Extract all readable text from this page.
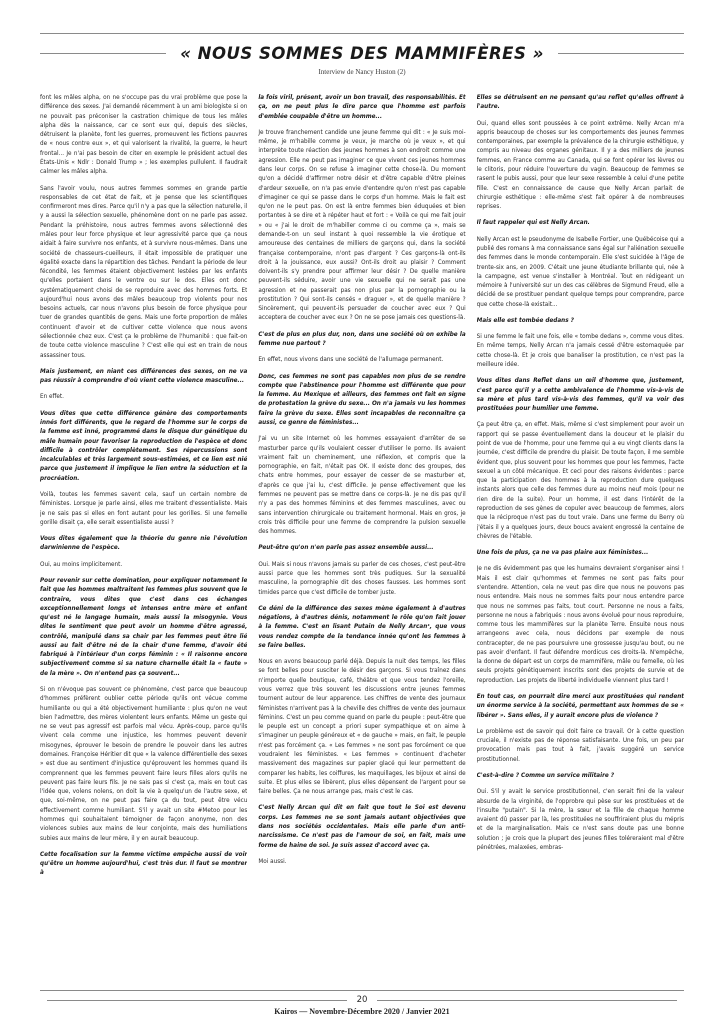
« NOUS SOMMES DES MAMMIFÈRES »
Interview de Nancy Huston (2)

font les mâles alpha, on ne s'occupe pas du vrai problème que pose la différence des sexes. J'ai demandé récemment à un ami biologiste si on ne pouvait pas préconiser la castration chimique de tous les mâles alpha dès la naissance, car ce sont eux qui, depuis des siècles, détruisent la planète, font les guerres, promeuvent les fictions pauvres de « nous contre eux », et qui valorisent la rivalité, la guerre, le heurt frontal... Je n'ai pas besoin de citer en exemple le président actuel des États-Unis « Ndlr : Donald Trump » ; les exemples pullulent. Il faudrait calmer les mâles alpha.

Sans l'avoir voulu, nous autres femmes sommes en grande partie responsables de cet état de fait, et je pense que les scientifiques confirmeront mes dires. Parce qu'il n'y a pas que la sélection naturelle, il y a aussi la sélection sexuelle, phénomène dont on ne parle pas assez. Pendant la préhistoire, nous autres femmes avons sélectionné des mâles pour leur force physique et leur agressivité parce que ça nous aidait à faire survivre nos enfants, et à survivre nous-mêmes. Dans une société de chasseurs-cueilleurs, il était impossible de pratiquer une égalité exacte dans la répartition des tâches. Pendant la période de leur fécondité, les femmes étaient objectivement lestées par les enfants qu'elles portaient dans le ventre ou sur le dos. Elles ont donc systématiquement choisi de se reproduire avec des hommes forts. Et aujourd'hui nous avons des mâles beaucoup trop violents pour nos besoins actuels, car nous n'avons plus besoin de force physique pour tuer de grandes quantités de gens. Mais une forte proportion de mâles continuent d'avoir et de cultiver cette violence que nous avons sélectionnée chez eux. C'est ça le problème de l'humanité : que fait-on de toute cette violence masculine ? C'est elle qui est en train de nous assassiner tous.

Mais justement, en niant ces différences des sexes, on ne va pas réussir à comprendre d'où vient cette violence masculine...

En effet.

Vous dites que cette différence génère des comportements innés fort différents, que le regard de l'homme sur le corps de la femme est inné, programmé dans le disque dur génétique du mâle humain pour favoriser la reproduction de l'espèce et donc difficile à contrôler complètement. Ses répercussions sont incalculables et très largement sous-estimées, et ce lien est nié parce que justement il implique le lien entre la séduction et la procréation.

Voilà, toutes les femmes savent cela, sauf un certain nombre de féministes. Lorsque je parle ainsi, elles me traitent d'essentialiste. Mais je ne sais pas si elles en font autant pour les gorilles. Si une femelle gorille disait ça, elle serait essentialiste aussi ?

Vous dites également que la théorie du genre nie l'évolution darwinienne de l'espèce.

Oui, au moins implicitement.

Pour revenir sur cette domination, pour expliquer notamment le fait que les hommes maltraitent les femmes plus souvent que le contraire, vous dites que c'est dans ces échanges exceptionnellement longs et intenses entre mère et enfant qu'est né le langage humain, mais aussi la misogynie. Vous dites le sentiment que peut avoir un homme d'être agressé, contrôlé, manipulé dans sa chair par les femmes peut être lié aussi au fait d'être né de la chair d'une femme, d'avoir été fabriqué à l'intérieur d'un corps féminin : « Il raisonne encore subjectivement comme si sa nature charnelle était la « faute » de la mère ». On n'entend pas ça souvent...

Si on n'évoque pas souvent ce phénomène, c'est parce que beaucoup d'hommes préfèrent oublier cette période qu'ils ont vécue comme humiliante ou qui a été objectivement humiliante : plus qu'on ne veut bien l'admettre, des mères violentent leurs enfants. Même un geste qui ne se veut pas agressif est parfois mal vécu. Après-coup, parce qu'ils vivent cela comme une injustice, les hommes peuvent devenir misogynes, éprouver le besoin de prendre le pouvoir dans les autres domaines. Françoise Héritier dit que « la valence différentielle des sexes » est due au sentiment d'injustice qu'éprouvent les hommes quand ils comprennent que les femmes peuvent faire leurs filles alors qu'ils ne peuvent pas faire leurs fils. Je ne sais pas si c'est ça, mais en tout cas l'idée que, volens nolens, on doit la vie à quelqu'un de l'autre sexe, et que, soi-même, on ne peut pas faire ça du tout, peut être vécu effectivement comme humiliant. S'il y avait un site #Metoo pour les hommes qui souhaitaient témoigner de façon anonyme, non des violences subies aux mains de leur conjointe, mais des humiliations subies aux mains de leur mère, il y en aurait beaucoup.

Cette focalisation sur la femme victime empêche aussi de voir qu'être un homme aujourd'hui, c'est très dur. Il faut se montrer à

la fois viril, présent, avoir un bon travail, des responsabilités. Et ça, on ne peut plus le dire parce que l'homme est parfois d'emblée coupable d'être un homme...

Je trouve franchement candide une jeune femme qui dit : « Je suis moi-même, je m'habille comme je veux, je marche où je veux », et qui interprète toute réaction des jeunes hommes à son endroit comme une agression. Elle ne peut pas imaginer ce que vivent ces jeunes hommes dans leur corps. On se refuse à imaginer cette chose-là. Du moment qu'on a décidé d'affirmer notre désir et d'être capable d'être pleines d'ardeur sexuelle, on n'a pas envie d'entendre qu'on n'est pas capable d'imaginer ce qui se passe dans le corps d'un homme. Mais le fait est qu'on ne le peut pas. On est là entre femmes bien éduquées et bien portantes à se dire et à répéter haut et fort : « Voilà ce qui me fait jouir » ou « j'ai le droit de m'habiller comme ci ou comme ça », mais se demande-t-on un seul instant à quoi ressemble la vie érotique et amoureuse des centaines de milliers de garçons qui, dans la société française contemporaine, n'ont pas d'argent ? Ces garçons-là ont-ils droit à la jouissance, eux aussi? Ont-ils droit au plaisir ? Comment doivent-ils s'y prendre pour affirmer leur désir ? De quelle manière peuvent-ils séduire, avoir une vie sexuelle qui ne serait pas une agression et ne passerait pas non plus par la pornographie ou la prostitution ? Qui sont-ils censés « draguer », et de quelle manière ? Sincèrement, qui peuvent-ils persuader de coucher avec eux ? Qui acceptera de coucher avec eux ? On ne se pose jamais ces questions-là.

C'est de plus en plus dur, non, dans une société où on exhibe la femme nue partout ?

En effet, nous vivons dans une société de l'allumage permanent.

Donc, ces femmes ne sont pas capables non plus de se rendre compte que l'abstinence pour l'homme est différente que pour la femme. Au Mexique et ailleurs, des femmes ont fait en signe de protestation la grève du sexe... On n'a jamais vu les hommes faire la grève du sexe. Elles sont incapables de reconnaître ça aussi, ce genre de féministes...

J'ai vu un site Internet où les hommes essayaient d'arrêter de se masturber parce qu'ils voulaient cesser d'utiliser le porno. Ils avaient vraiment fait un cheminement, une réflexion, et compris que la pornographie, en fait, n'était pas OK. Il existe donc des groupes, des chats entre hommes, pour essayer de cesser de se masturber et, d'après ce que j'ai lu, c'est difficile. Je pense effectivement que les femmes ne peuvent pas se mettre dans ce corps-là. Je ne dis pas qu'il n'y a pas des hommes féminins et des femmes masculines, avec ou sans intervention chirurgicale ou traitement hormonal. Mais en gros, je crois très difficile pour une femme de comprendre la pulsion sexuelle des hommes.

Peut-être qu'on n'en parle pas assez ensemble aussi...

Oui. Mais si nous n'avons jamais su parler de ces choses, c'est peut-être aussi parce que les hommes sont très pudiques. Sur la sexualité masculine, la pornographie dit des choses fausses. Les hommes sont timides parce que c'est difficile de tomber juste.

Ce déni de la différence des sexes mène également à d'autres négations, à d'autres dénis, notamment le rôle qu'on fait jouer à la femme. C'est en lisant Putain de Nelly Arcan¹, que vous vous rendez compte de la tendance innée qu'ont les femmes à se faire belles.

Nous en avons beaucoup parlé déjà. Depuis la nuit des temps, les filles se font belles pour susciter le désir des garçons. Si vous traînez dans n'importe quelle boutique, café, théâtre et que vous tendez l'oreille, vous verrez que très souvent les discussions entre jeunes femmes tournent autour de leur apparence. Les chiffres de vente des journaux féministes n'arrivent pas à la cheville des chiffres de vente des journaux féminins. C'est un peu comme quand on parle du peuple : peut-être que le peuple est un concept a priori super sympathique et on aime à s'imaginer un peuple généreux et « de gauche » mais, en fait, le peuple n'est pas forcément ça. « Les femmes » ne sont pas forcément ce que voudraient les féministes. « Les femmes » continuent d'acheter massivement des magazines sur papier glacé qui leur permettent de comparer les habits, les coiffures, les maquillages, les bijoux et ainsi de suite. Et plus elles se libèrent, plus elles dépensent de l'argent pour se faire belles. Ça ne nous arrange pas, mais c'est le cas.

C'est Nelly Arcan qui dit en fait que tout le Soi est devenu corps. Les femmes ne se sont jamais autant objectivées que dans nos sociétés occidentales. Mais elle parle d'un anti-narcissisme. Ce n'est pas de l'amour de soi, en fait, mais une forme de haine de soi. Je suis assez d'accord avec ça.

Moi aussi.

Elles se détruisent en ne pensant qu'au reflet qu'elles offrent à l'autre.

Oui, quand elles sont poussées à ce point extrême. Nelly Arcan m'a appris beaucoup de choses sur les comportements des jeunes femmes contemporaines, par exemple la prévalence de la chirurgie esthétique, y compris au niveau des organes génitaux. Il y a des milliers de jeunes femmes, en France comme au Canada, qui se font opérer les lèvres ou le clitoris, pour réduire l'ouverture du vagin. Beaucoup de femmes se rasent le pubis aussi, pour que leur sexe ressemble à celui d'une petite fille. C'est en connaissance de cause que Nelly Arcan parlait de chirurgie esthétique : elle-même s'est fait opérer à de nombreuses reprises.

Il faut rappeler qui est Nelly Arcan.

Nelly Arcan est le pseudonyme de Isabelle Fortier, une Québécoise qui a publié des romans à ma connaissance sans égal sur l'aliénation sexuelle des femmes dans le monde contemporain. Elle s'est suicidée à l'âge de trente-six ans, en 2009. C'était une jeune étudiante brillante qui, née à la campagne, est venue s'installer à Montréal. Tout en rédigeant un mémoire à l'université sur un des cas célèbres de Sigmund Freud, elle a décidé de se prostituer pendant quelque temps pour comprendre, parce que cette chose-là existait...

Mais elle est tombée dedans ?

Si une femme le fait une fois, elle « tombe dedans », comme vous dites. En même temps, Nelly Arcan n'a jamais cessé d'être estomaquée par cette chose-là. Et je crois que banaliser la prostitution, ce n'est pas la meilleure idée.

Vous dites dans Reflet dans un œil d'homme que, justement, c'est parce qu'il y a cette ambivalence de l'homme vis-à-vis de sa mère et plus tard vis-à-vis des femmes, qu'il va voir des prostituées pour humilier une femme.

Ça peut être ça, en effet. Mais, même si c'est simplement pour avoir un rapport qui se passe éventuellement dans la douceur et le plaisir du point de vue de l'homme, pour une femme qui a eu vingt clients dans la journée, c'est difficile de prendre du plaisir. De toute façon, il me semble évident que, plus souvent pour les hommes que pour les femmes, l'acte sexuel a un côté mécanique. Et ceci pour des raisons évidentes : parce que la participation des hommes à la reproduction dure quelques instants alors que celle des femmes dure au moins neuf mois (pour ne rien dire de la suite). Pour un homme, il est dans l'intérêt de la reproduction de ses gènes de copuler avec beaucoup de femmes, alors que la réciproque n'est pas du tout vraie. Dans une ferme du Berry où j'étais il y a quelques jours, deux boucs avaient engrossé la centaine de chèvres de l'étable.

Une fois de plus, ça ne va pas plaire aux féministes...

Je ne dis évidemment pas que les humains devraient s'organiser ainsi ! Mais il est clair qu'hommes et femmes ne sont pas faits pour s'entendre. Attention, cela ne veut pas dire que nous ne pouvons pas nous entendre. Mais nous ne sommes faits pour nous entendre parce que nous ne sommes pas faits, tout court. Personne ne nous a faits, personne ne nous a fabriqués : nous avons évolué pour nous reproduire, comme tous les mammifères sur la planète Terre. Ensuite nous nous arrangeons avec cela, nous décidons par exemple de nous contracepter, de ne pas poursuivre une grossesse jusqu'au bout, ou ne pas avoir d'enfant. Il faut défendre mordicus ces droits-là. N'empêche, la donne de départ est un corps de mammifère, mâle ou femelle, où les seuls projets génétiquement inscrits sont des projets de survie et de reproduction. Les projets de liberté individuelle viennent plus tard !

En tout cas, on pourrait dire merci aux prostituées qui rendent un énorme service à la société, permettant aux hommes de se « libérer ». Sans elles, il y aurait encore plus de violence ?

Le problème est de savoir qui doit faire ce travail. Or à cette question cruciale, il n'existe pas de réponse satisfaisante. Une fois, un peu par provocation mais pas tout à fait, j'avais suggéré un service prostitutionnel.

C'est-à-dire ? Comme un service militaire ?

Oui. S'il y avait le service prostitutionnel, c'en serait fini de la valeur absurde de la virginité, de l'opprobre qui pèse sur les prostituées et de l'insulte "putain". Si la mère, la sœur et la fille de chaque homme avaient dû passer par là, les prostituées ne souffriraient plus du mépris et de la marginalisation. Mais ce n'est sans doute pas une bonne solution ; je crois que la plupart des jeunes filles toléreraient mal d'être pénétrées, malaxées, embras-

20
Kairos — Novembre-Décembre 2020 / Janvier 2021
